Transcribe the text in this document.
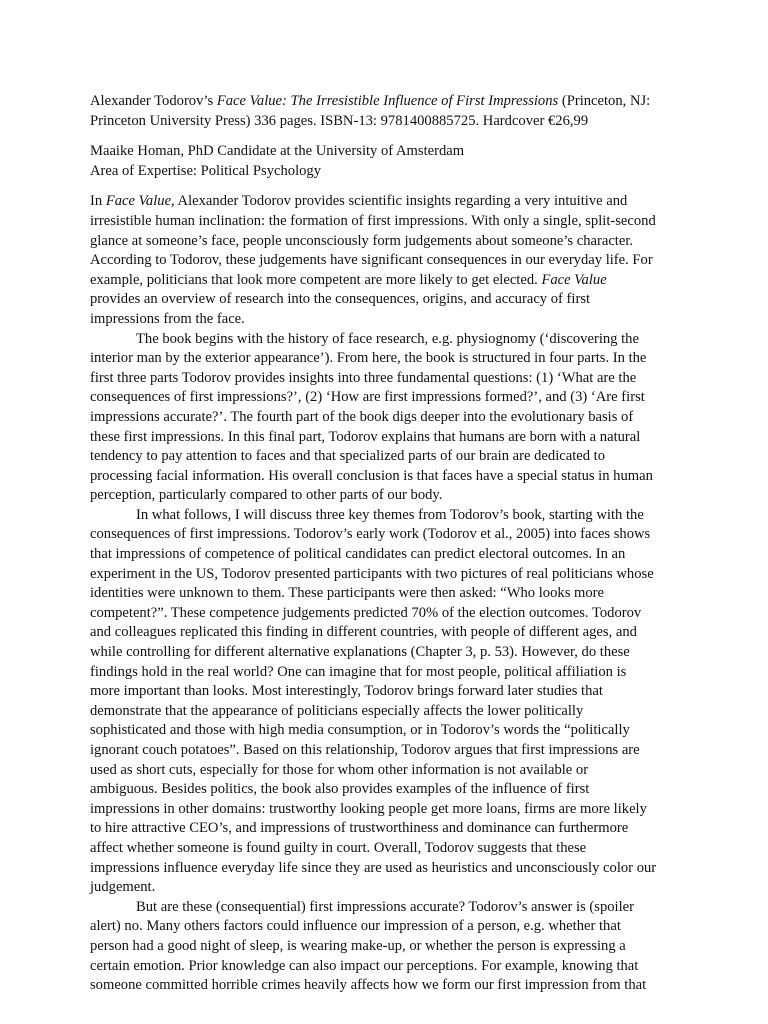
Alexander Todorov’s Face Value: The Irresistible Influence of First Impressions (Princeton, NJ:
Princeton University Press) 336 pages. ISBN-13: 9781400885725. Hardcover €26,99
Maaike Homan, PhD Candidate at the University of Amsterdam
Area of Expertise: Political Psychology
In Face Value, Alexander Todorov provides scientific insights regarding a very intuitive and
irresistible human inclination: the formation of first impressions. With only a single, split-second
glance at someone’s face, people unconsciously form judgements about someone’s character.
According to Todorov, these judgements have significant consequences in our everyday life. For
example, politicians that look more competent are more likely to get elected. Face Value
provides an overview of research into the consequences, origins, and accuracy of first
impressions from the face.
The book begins with the history of face research, e.g. physiognomy (‘discovering the
interior man by the exterior appearance’). From here, the book is structured in four parts. In the
first three parts Todorov provides insights into three fundamental questions: (1) ‘What are the
consequences of first impressions?’, (2) ‘How are first impressions formed?’, and (3) ‘Are first
impressions accurate?’. The fourth part of the book digs deeper into the evolutionary basis of
these first impressions. In this final part, Todorov explains that humans are born with a natural
tendency to pay attention to faces and that specialized parts of our brain are dedicated to
processing facial information. His overall conclusion is that faces have a special status in human
perception, particularly compared to other parts of our body.
In what follows, I will discuss three key themes from Todorov’s book, starting with the
consequences of first impressions. Todorov’s early work (Todorov et al., 2005) into faces shows
that impressions of competence of political candidates can predict electoral outcomes. In an
experiment in the US, Todorov presented participants with two pictures of real politicians whose
identities were unknown to them. These participants were then asked: “Who looks more
competent?”. These competence judgements predicted 70% of the election outcomes. Todorov
and colleagues replicated this finding in different countries, with people of different ages, and
while controlling for different alternative explanations (Chapter 3, p. 53). However, do these
findings hold in the real world? One can imagine that for most people, political affiliation is
more important than looks. Most interestingly, Todorov brings forward later studies that
demonstrate that the appearance of politicians especially affects the lower politically
sophisticated and those with high media consumption, or in Todorov’s words the “politically
ignorant couch potatoes”. Based on this relationship, Todorov argues that first impressions are
used as short cuts, especially for those for whom other information is not available or
ambiguous. Besides politics, the book also provides examples of the influence of first
impressions in other domains: trustworthy looking people get more loans, firms are more likely
to hire attractive CEO’s, and impressions of trustworthiness and dominance can furthermore
affect whether someone is found guilty in court. Overall, Todorov suggests that these
impressions influence everyday life since they are used as heuristics and unconsciously color our
judgement.
But are these (consequential) first impressions accurate? Todorov’s answer is (spoiler
alert) no. Many others factors could influence our impression of a person, e.g. whether that
person had a good night of sleep, is wearing make-up, or whether the person is expressing a
certain emotion. Prior knowledge can also impact our perceptions. For example, knowing that
someone committed horrible crimes heavily affects how we form our first impression from that
